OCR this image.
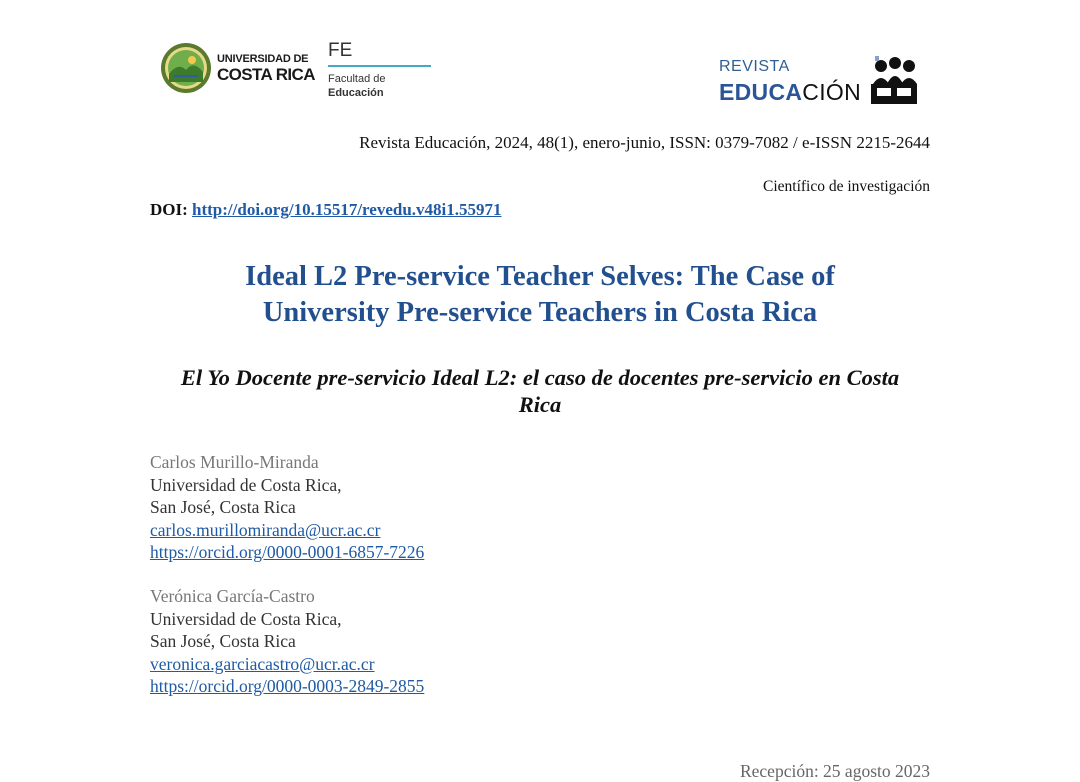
UNIVERSIDAD DE
COSTA RICA
FE
Facultad de
Educación
REVISTA
EDUCACIÓN
Revista Educación, 2024, 48(1), enero-junio, ISSN: 0379-7082 / e-ISSN 2215-2644
Científico de investigación
DOI: http://doi.org/10.15517/revedu.v48i1.55971
Ideal L2 Pre-service Teacher Selves: The Case of
University Pre-service Teachers in Costa Rica
El Yo Docente pre-servicio Ideal L2: el caso de docentes pre-servicio en Costa
Rica
Carlos Murillo-Miranda
Universidad de Costa Rica,
San José, Costa Rica
carlos.murillomiranda@ucr.ac.cr
https://orcid.org/0000-0001-6857-7226
Verónica García-Castro
Universidad de Costa Rica,
San José, Costa Rica
veronica.garciacastro@ucr.ac.cr
https://orcid.org/0000-0003-2849-2855
Recepción: 25 agosto 2023
